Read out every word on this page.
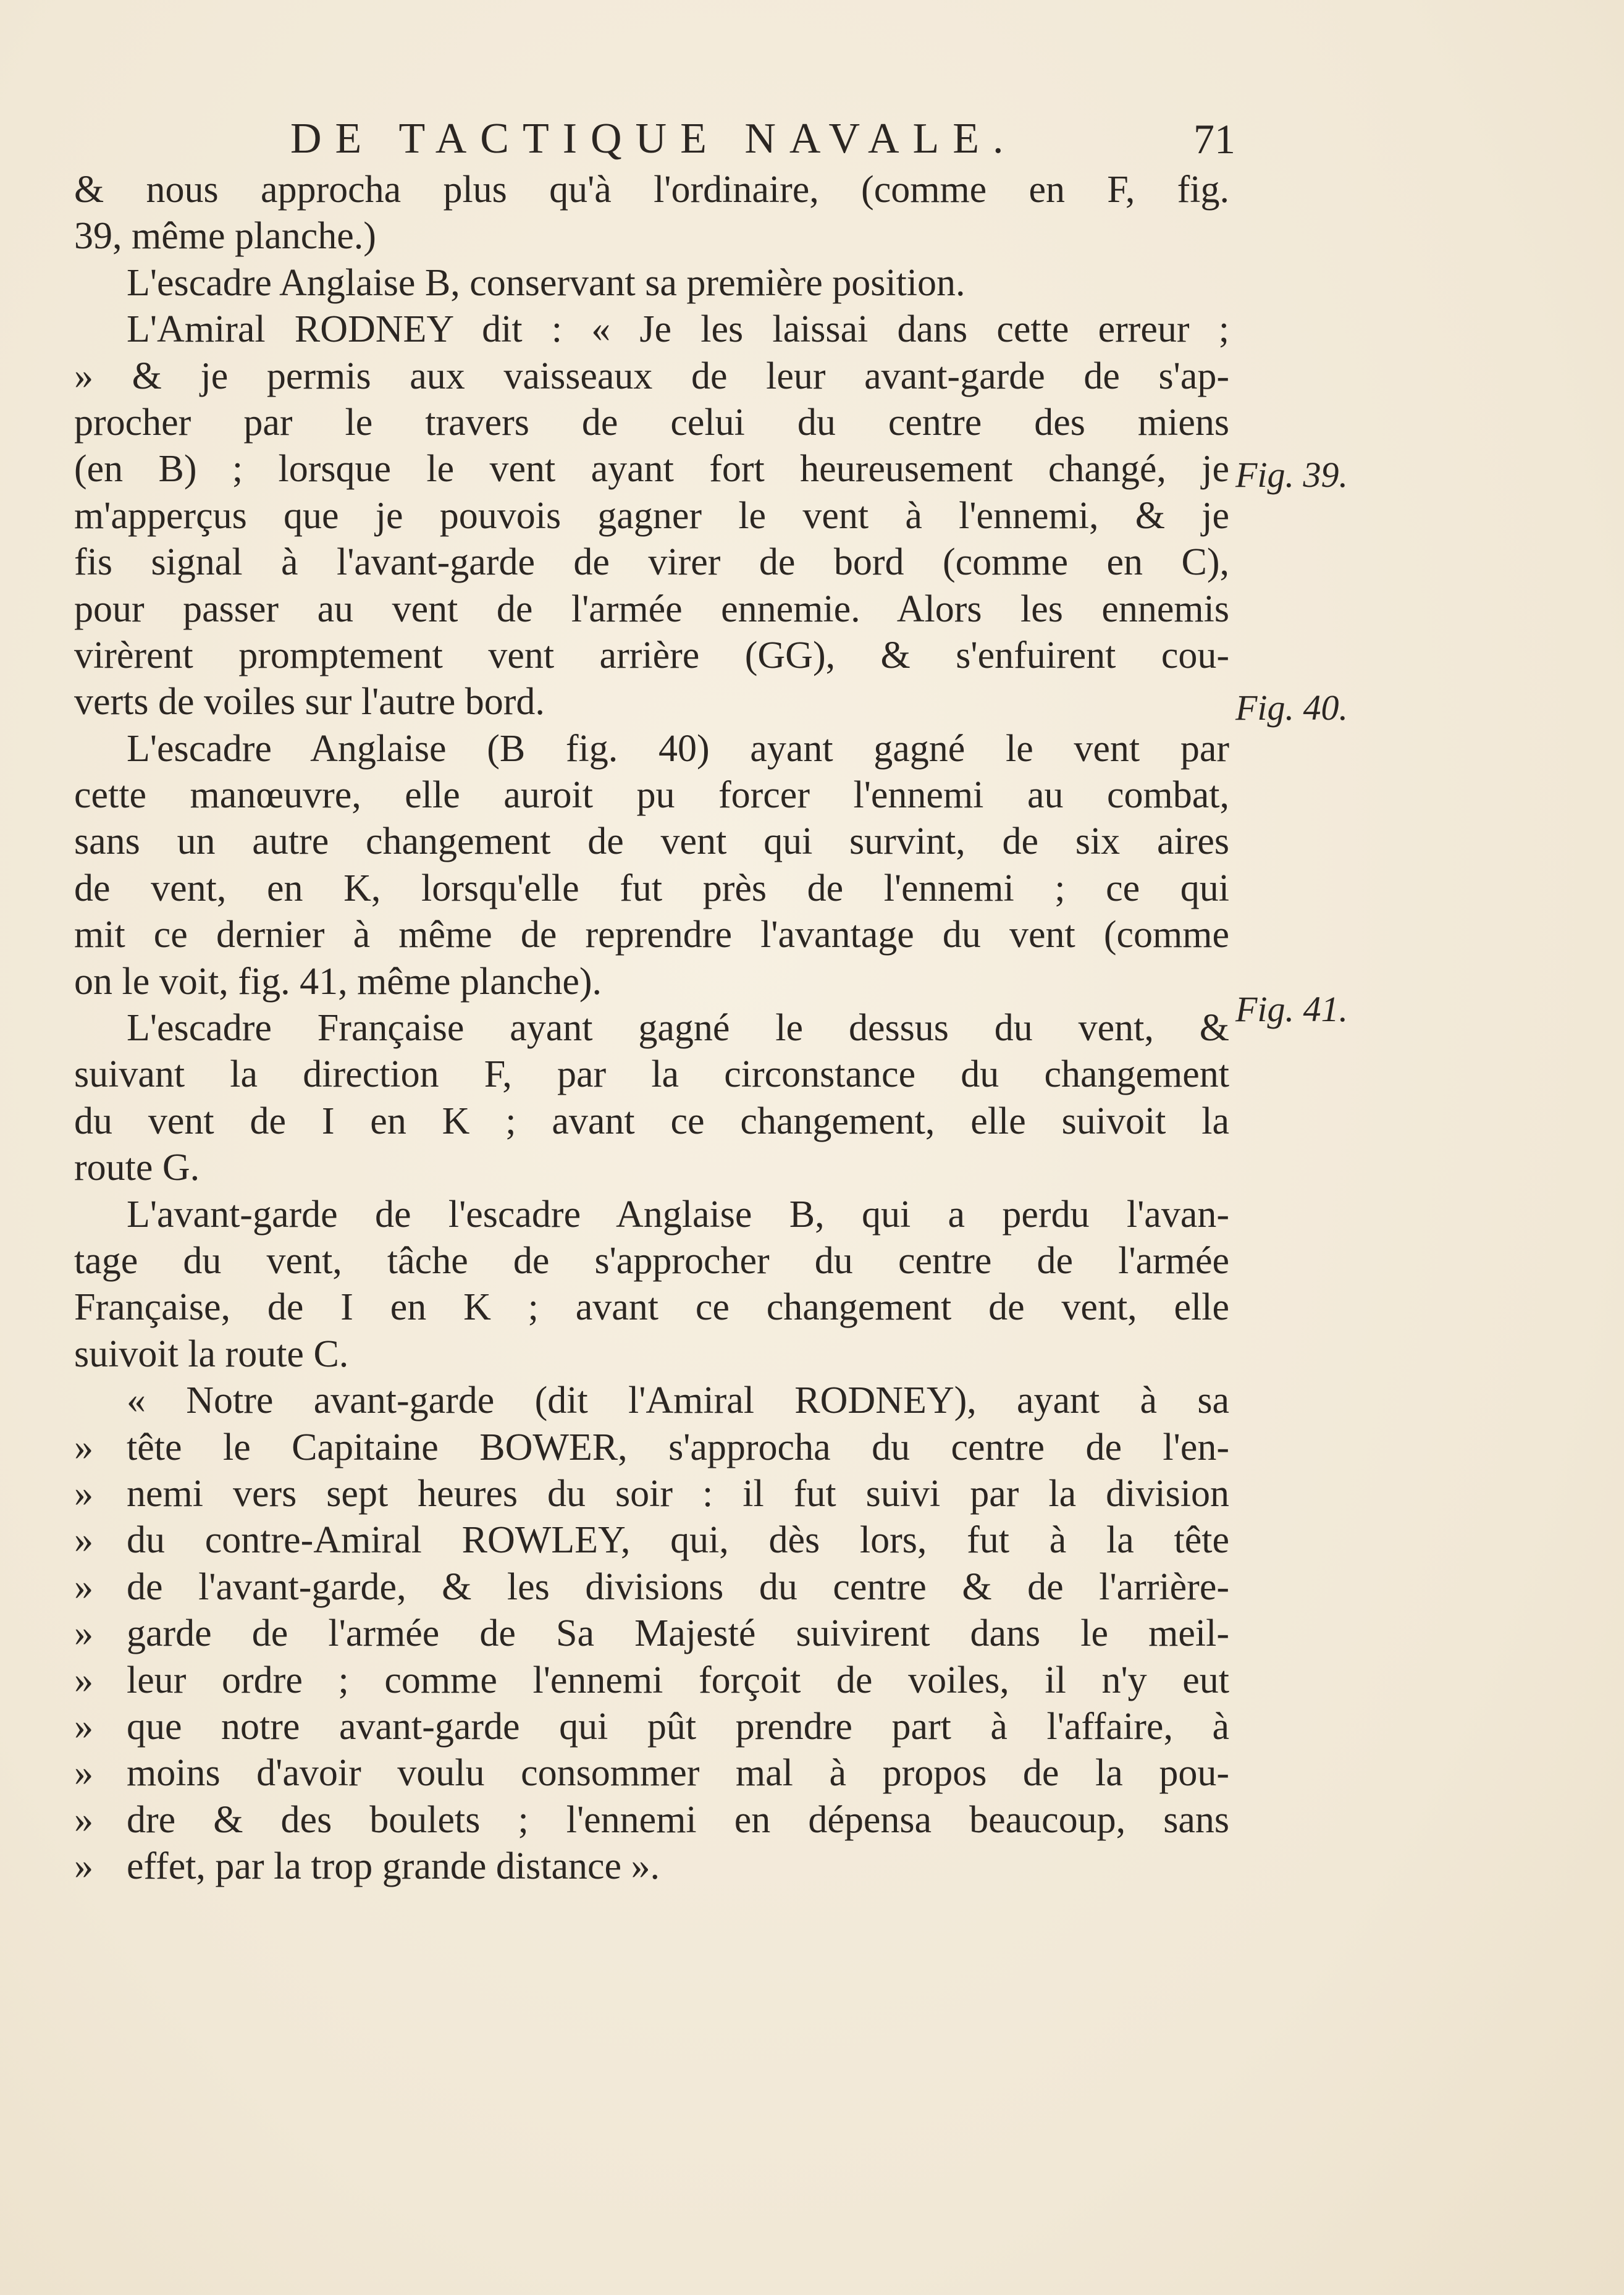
DE TACTIQUE NAVALE.	71
& nous approcha plus qu'à l'ordinaire, (comme en F, fig.
39, même planche.)
L'escadre Anglaise B, conservant sa première position.
L'Amiral RODNEY dit : « Je les laissai dans cette erreur ;
» & je permis aux vaisseaux de leur avant-garde de s'ap-
procher par le travers de celui du centre des miens
(en B) ; lorsque le vent ayant fort heureusement changé, je
m'apperçus que je pouvois gagner le vent à l'ennemi, & je
fis signal à l'avant-garde de virer de bord (comme en C),
pour passer au vent de l'armée ennemie. Alors les ennemis
virèrent promptement vent arrière (GG), & s'enfuirent cou-
verts de voiles sur l'autre bord.
L'escadre Anglaise (B fig. 40) ayant gagné le vent par
cette manœuvre, elle auroit pu forcer l'ennemi au combat,
sans un autre changement de vent qui survint, de six aires
de vent, en K, lorsqu'elle fut près de l'ennemi ; ce qui
mit ce dernier à même de reprendre l'avantage du vent (comme
on le voit, fig. 41, même planche).
L'escadre Française ayant gagné le dessus du vent, &
suivant la direction F, par la circonstance du changement
du vent de I en K ; avant ce changement, elle suivoit la
route G.
L'avant-garde de l'escadre Anglaise B, qui a perdu l'avan-
tage du vent, tâche de s'approcher du centre de l'armée
Française, de I en K ; avant ce changement de vent, elle
suivoit la route C.
« Notre avant-garde (dit l'Amiral RODNEY), ayant à sa
» tête le Capitaine BOWER, s'approcha du centre de l'en-
» nemi vers sept heures du soir : il fut suivi par la division
» du contre-Amiral ROWLEY, qui, dès lors, fut à la tête
» de l'avant-garde, & les divisions du centre & de l'arrière-
» garde de l'armée de Sa Majesté suivirent dans le meil-
» leur ordre ; comme l'ennemi forçoit de voiles, il n'y eut
» que notre avant-garde qui pût prendre part à l'affaire, à
» moins d'avoir voulu consommer mal à propos de la pou-
» dre & des boulets ; l'ennemi en dépensa beaucoup, sans
» effet, par la trop grande distance ».
Fig. 39.
Fig. 40.
Fig. 41.
